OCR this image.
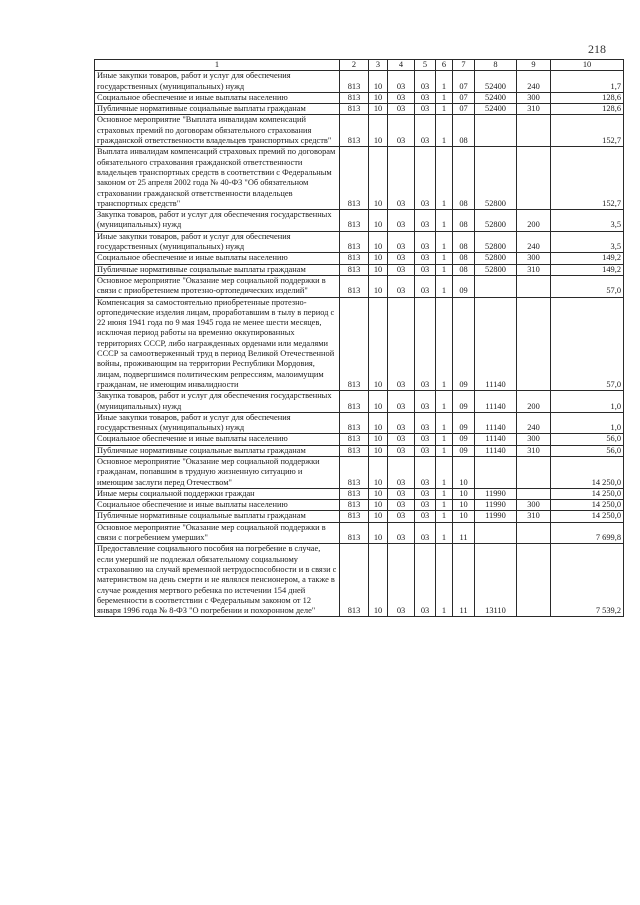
218
1	2	3	4	5	6	7	8	9	10
Иные закупки товаров, работ и услуг для обеспечения государственных (муниципальных) нужд	813	10	03	03	1	07	52400	240	1,7
Социальное обеспечение и иные выплаты населению	813	10	03	03	1	07	52400	300	128,6
Публичные нормативные социальные выплаты гражданам	813	10	03	03	1	07	52400	310	128,6
Основное мероприятие "Выплата инвалидам компенсаций страховых премий по договорам обязательного страхования гражданской ответственности владельцев транспортных средств"	813	10	03	03	1	08			152,7
Выплата инвалидам компенсаций страховых премий по договорам обязательного страхования гражданской ответственности владельцев транспортных средств в соответствии с Федеральным законом от 25 апреля 2002 года № 40-ФЗ "Об обязательном страховании гражданской ответственности владельцев транспортных средств"	813	10	03	03	1	08	52800		152,7
Закупка товаров, работ и услуг для обеспечения государственных (муниципальных) нужд	813	10	03	03	1	08	52800	200	3,5
Иные закупки товаров, работ и услуг для обеспечения государственных (муниципальных) нужд	813	10	03	03	1	08	52800	240	3,5
Социальное обеспечение и иные выплаты населению	813	10	03	03	1	08	52800	300	149,2
Публичные нормативные социальные выплаты гражданам	813	10	03	03	1	08	52800	310	149,2
Основное мероприятие "Оказание мер социальной поддержки в связи с приобретением протезно-ортопедических изделий"	813	10	03	03	1	09			57,0
Компенсация за самостоятельно приобретенные протезно-ортопедические изделия лицам, проработавшим в тылу в период с 22 июня 1941 года по 9 мая 1945 года не менее шести месяцев, исключая период работы на временно оккупированных территориях СССР, либо награжденных орденами или медалями СССР за самоотверженный труд в период Великой Отечественной войны, проживающим на территории Республики Мордовия, лицам, подвергшимся политическим репрессиям, малоимущим гражданам, не имеющим инвалидности	813	10	03	03	1	09	11140		57,0
Закупка товаров, работ и услуг для обеспечения государственных (муниципальных) нужд	813	10	03	03	1	09	11140	200	1,0
Иные закупки товаров, работ и услуг для обеспечения государственных (муниципальных) нужд	813	10	03	03	1	09	11140	240	1,0
Социальное обеспечение и иные выплаты населению	813	10	03	03	1	09	11140	300	56,0
Публичные нормативные социальные выплаты гражданам	813	10	03	03	1	09	11140	310	56,0
Основное мероприятие "Оказание мер социальной поддержки гражданам, попавшим в трудную жизненную ситуацию и имеющим заслуги перед Отечеством"	813	10	03	03	1	10			14 250,0
Иные меры социальной поддержки граждан	813	10	03	03	1	10	11990		14 250,0
Социальное обеспечение и иные выплаты населению	813	10	03	03	1	10	11990	300	14 250,0
Публичные нормативные социальные выплаты гражданам	813	10	03	03	1	10	11990	310	14 250,0
Основное мероприятие "Оказание мер социальной поддержки в связи с погребением умерших"	813	10	03	03	1	11			7 699,8
Предоставление социального пособия на погребение в случае, если умерший не подлежал обязательному социальному страхованию на случай временной нетрудоспособности и в связи с материнством на день смерти и не являлся пенсионером, а также в случае рождения мертвого ребенка по истечении 154 дней беременности в соответствии с Федеральным законом от 12 января 1996 года № 8-ФЗ "О погребении и похоронном деле"	813	10	03	03	1	11	13110		7 539,2
